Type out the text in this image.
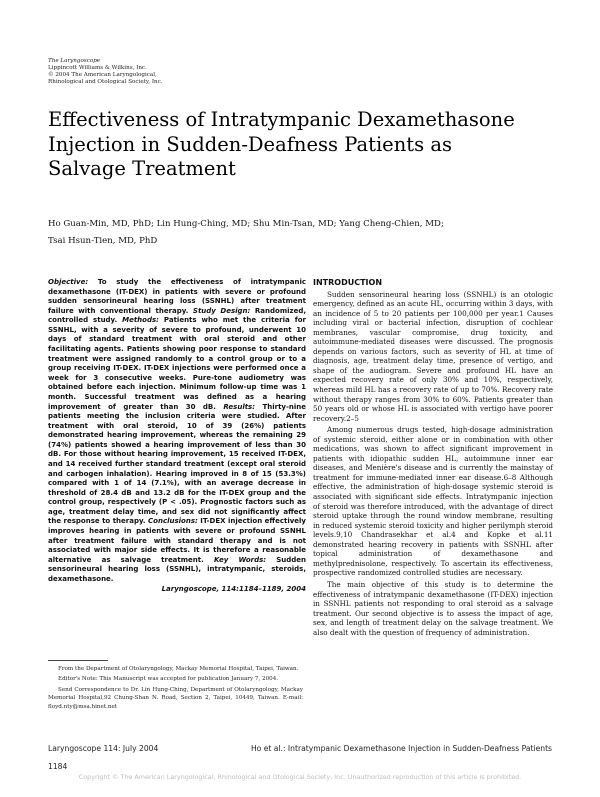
The Laryngoscope
Lippincott Williams & Wilkins, Inc.
© 2004 The American Laryngological,
Rhinological and Otological Society, Inc.
Effectiveness of Intratympanic Dexamethasone Injection in Sudden-Deafness Patients as Salvage Treatment
Ho Guan-Min, MD, PhD; Lin Hung-Ching, MD; Shu Min-Tsan, MD; Yang Cheng-Chien, MD;
Tsai Hsun-Tien, MD, PhD

Objective: To study the effectiveness of intratympanic dexamethasone (IT-DEX) in patients with severe or profound sudden sensorineural hearing loss (SSNHL) after treatment failure with conventional therapy. Study Design: Randomized, controlled study. Methods: Patients who met the criteria for SSNHL, with a severity of severe to profound, underwent 10 days of standard treatment with oral steroid and other facilitating agents. Patients showing poor response to standard treatment were assigned randomly to a control group or to a group receiving IT-DEX. IT-DEX injections were performed once a week for 3 consecutive weeks. Pure-tone audiometry was obtained before each injection. Minimum follow-up time was 1 month. Successful treatment was defined as a hearing improvement of greater than 30 dB. Results: Thirty-nine patients meeting the inclusion criteria were studied. After treatment with oral steroid, 10 of 39 (26%) patients demonstrated hearing improvement, whereas the remaining 29 (74%) patients showed a hearing improvement of less than 30 dB. For those without hearing improvement, 15 received IT-DEX, and 14 received further standard treatment (except oral steroid and carbogen inhalation). Hearing improved in 8 of 15 (53.3%) compared with 1 of 14 (7.1%), with an average decrease in threshold of 28.4 dB and 13.2 dB for the IT-DEX group and the control group, respectively (P < .05). Prognostic factors such as age, treatment delay time, and sex did not significantly affect the response to therapy. Conclusions: IT-DEX injection effectively improves hearing in patients with severe or profound SSNHL after treatment failure with standard therapy and is not associated with major side effects. It is therefore a reasonable alternative as salvage treatment. Key Words: Sudden sensorineural hearing loss (SSNHL), intratympanic, steroids, dexamethasone.

Laryngoscope, 114:1184–1189, 2004

INTRODUCTION

Sudden sensorineural hearing loss (SSNHL) is an otologic emergency, defined as an acute HL, occurring within 3 days, with an incidence of 5 to 20 patients per 100,000 per year.1 Causes including viral or bacterial infection, disruption of cochlear membranes, vascular compromise, drug toxicity, and autoimmune-mediated diseases were discussed. The prognosis depends on various factors, such as severity of HL at time of diagnosis, age, treatment delay time, presence of vertigo, and shape of the audiogram. Severe and profound HL have an expected recovery rate of only 30% and 10%, respectively, whereas mild HL has a recovery rate of up to 70%. Recovery rate without therapy ranges from 30% to 60%. Patients greater than 50 years old or whose HL is associated with vertigo have poorer recovery.2–5

Among numerous drugs tested, high-dosage administration of systemic steroid, either alone or in combination with other medications, was shown to affect significant improvement in patients with idiopathic sudden HL, autoimmune inner ear diseases, and Menière's disease and is currently the mainstay of treatment for immune-mediated inner ear disease.6–8 Although effective, the administration of high-dosage systemic steroid is associated with significant side effects. Intratympanic injection of steroid was therefore introduced, with the advantage of direct steroid uptake through the round window membrane, resulting in reduced systemic steroid toxicity and higher perilymph steroid levels.9,10 Chandrasekhar et al.4 and Kopke et al.11 demonstrated hearing recovery in patients with SSNHL after topical administration of dexamethasone and methylprednisolone, respectively. To ascertain its effectiveness, prospective randomized controlled studies are necessary.

The main objective of this study is to determine the effectiveness of intratympanic dexamethasone (IT-DEX) injection in SSNHL patients not responding to oral steroid as a salvage treatment. Our second objective is to assess the impact of age, sex, and length of treatment delay on the salvage treatment. We also dealt with the question of frequency of administration.

From the Department of Otolaryngology, Mackay Memorial Hospital, Taipei, Taiwan.

Editor's Note: This Manuscript was accepted for publication January 7, 2004.

Send Correspondence to Dr. Lin Hung-Ching, Department of Otolaryngology, Mackay Memorial Hospital,92 Chung-Shan N. Road, Section 2, Taipei, 10449, Taiwan. E-mail: floyd.nty@msa.hinet.net

Laryngoscope 114: July 2004	Ho et al.: Intratympanic Dexamethasone Injection in Sudden-Deafness Patients
1184
Copyright © The American Laryngological, Rhinological and Otological Society, Inc. Unauthorized reproduction of this article is prohibited.
